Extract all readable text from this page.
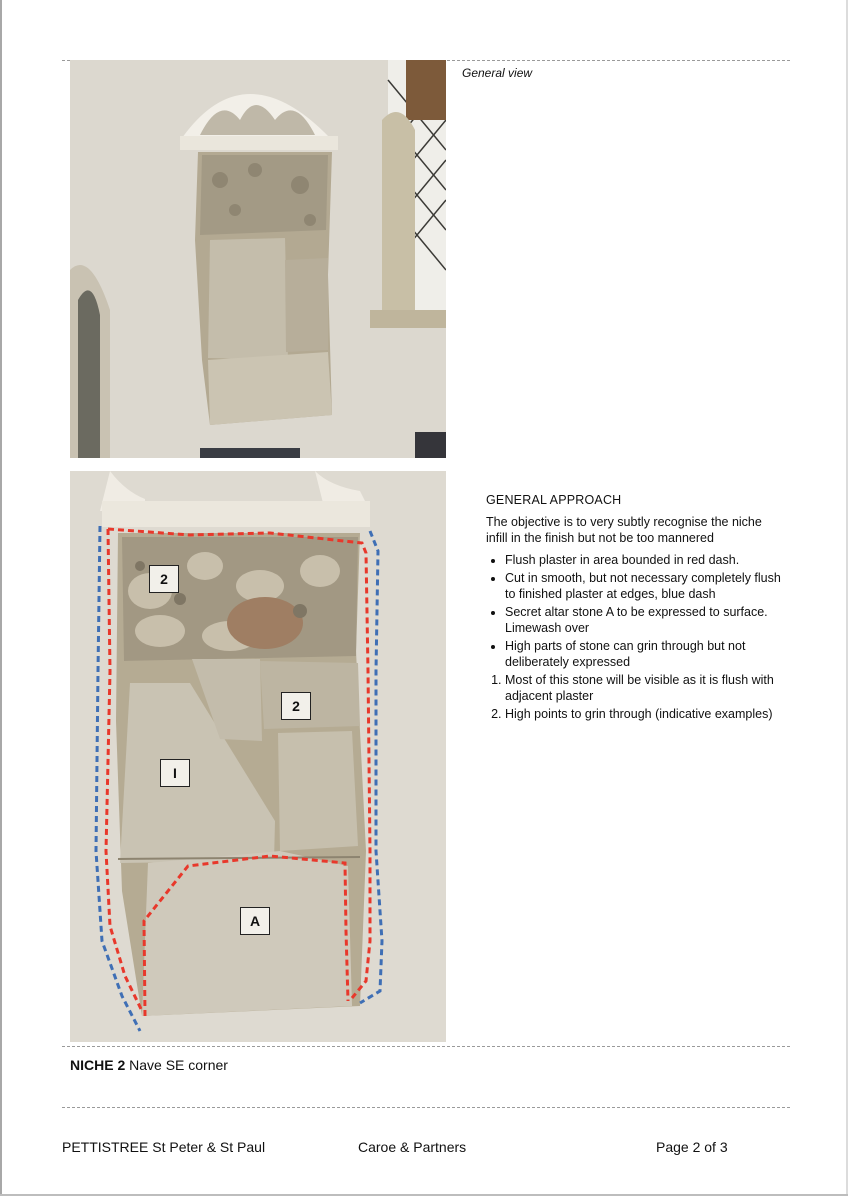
General view
2
2
I
A
GENERAL APPROACH
The objective is to very subtly recognise the niche infill in the finish but not be too mannered
• Flush plaster in area bounded in red dash.
• Cut in smooth, but not necessary completely flush to finished plaster at edges, blue dash
• Secret altar stone A to be expressed to surface. Limewash over
• High parts of stone can grin through but not deliberately expressed
1. Most of this stone will be visible as it is flush with adjacent plaster
2. High points to grin through (indicative examples)
NICHE 2 Nave SE corner
PETTISTREE St Peter & St Paul	Caroe & Partners	Page 2 of 3
